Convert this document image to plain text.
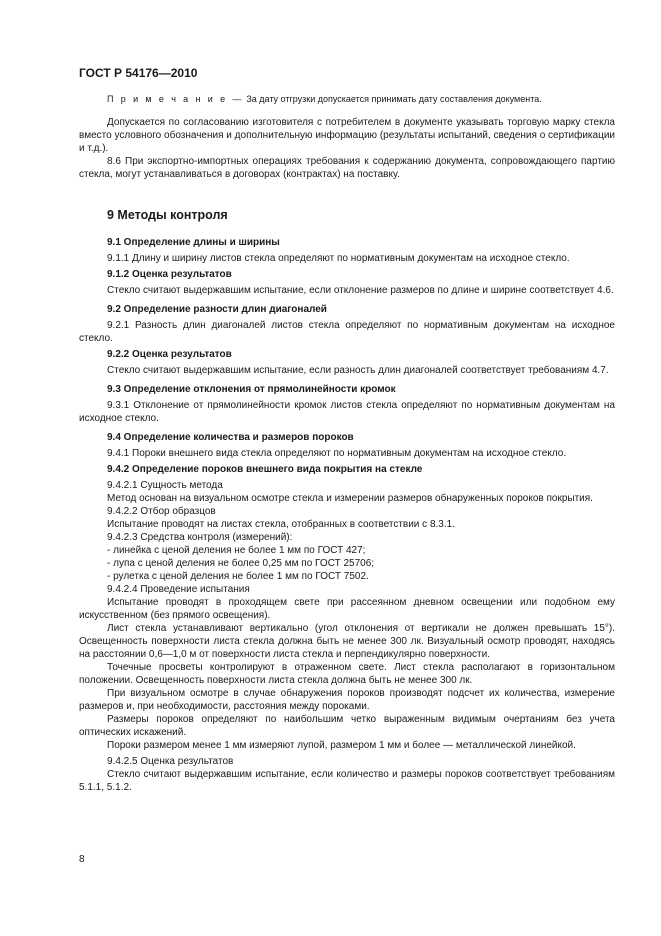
ГОСТ Р 54176—2010

П р и м е ч а н и е — За дату отгрузки допускается принимать дату составления документа.

Допускается по согласованию изготовителя с потребителем в документе указывать торговую марку стекла вместо условного обозначения и дополнительную информацию (результаты испытаний, сведения о сертификации и т.д.).

8.6 При экспортно-импортных операциях требования к содержанию документа, сопровождающего партию стекла, могут устанавливаться в договорах (контрактах) на поставку.

9 Методы контроля

9.1 Определение длины и ширины

9.1.1 Длину и ширину листов стекла определяют по нормативным документам на исходное стекло.

9.1.2 Оценка результатов

Стекло считают выдержавшим испытание, если отклонение размеров по длине и ширине соответствует 4.6.

9.2 Определение разности длин диагоналей

9.2.1 Разность длин диагоналей листов стекла определяют по нормативным документам на исходное стекло.

9.2.2 Оценка результатов

Стекло считают выдержавшим испытание, если разность длин диагоналей соответствует требованиям 4.7.

9.3 Определение отклонения от прямолинейности кромок

9.3.1 Отклонение от прямолинейности кромок листов стекла определяют по нормативным документам на исходное стекло.

9.4 Определение количества и размеров пороков

9.4.1 Пороки внешнего вида стекла определяют по нормативным документам на исходное стекло.

9.4.2 Определение пороков внешнего вида покрытия на стекле

9.4.2.1 Сущность метода

Метод основан на визуальном осмотре стекла и измерении размеров обнаруженных пороков покрытия.

9.4.2.2 Отбор образцов

Испытание проводят на листах стекла, отобранных в соответствии с 8.3.1.

9.4.2.3 Средства контроля (измерений):

- линейка с ценой деления не более 1 мм по ГОСТ 427;

- лупа с ценой деления не более 0,25 мм по ГОСТ 25706;

- рулетка с ценой деления не более 1 мм по ГОСТ 7502.

9.4.2.4 Проведение испытания

Испытание проводят в проходящем свете при рассеянном дневном освещении или подобном ему искусственном (без прямого освещения).

Лист стекла устанавливают вертикально (угол отклонения от вертикали не должен превышать 15°). Освещенность поверхности листа стекла должна быть не менее 300 лк. Визуальный осмотр проводят, находясь на расстоянии 0,6—1,0 м от поверхности листа стекла и перпендикулярно поверхности.

Точечные просветы контролируют в отраженном свете. Лист стекла располагают в горизонтальном положении. Освещенность поверхности листа стекла должна быть не менее 300 лк.

При визуальном осмотре в случае обнаружения пороков производят подсчет их количества, измерение размеров и, при необходимости, расстояния между пороками.

Размеры пороков определяют по наибольшим четко выраженным видимым очертаниям без учета оптических искажений.

Пороки размером менее 1 мм измеряют лупой, размером 1 мм и более — металлической линейкой.

9.4.2.5 Оценка результатов

Стекло считают выдержавшим испытание, если количество и размеры пороков соответствует требованиям 5.1.1, 5.1.2.

8
